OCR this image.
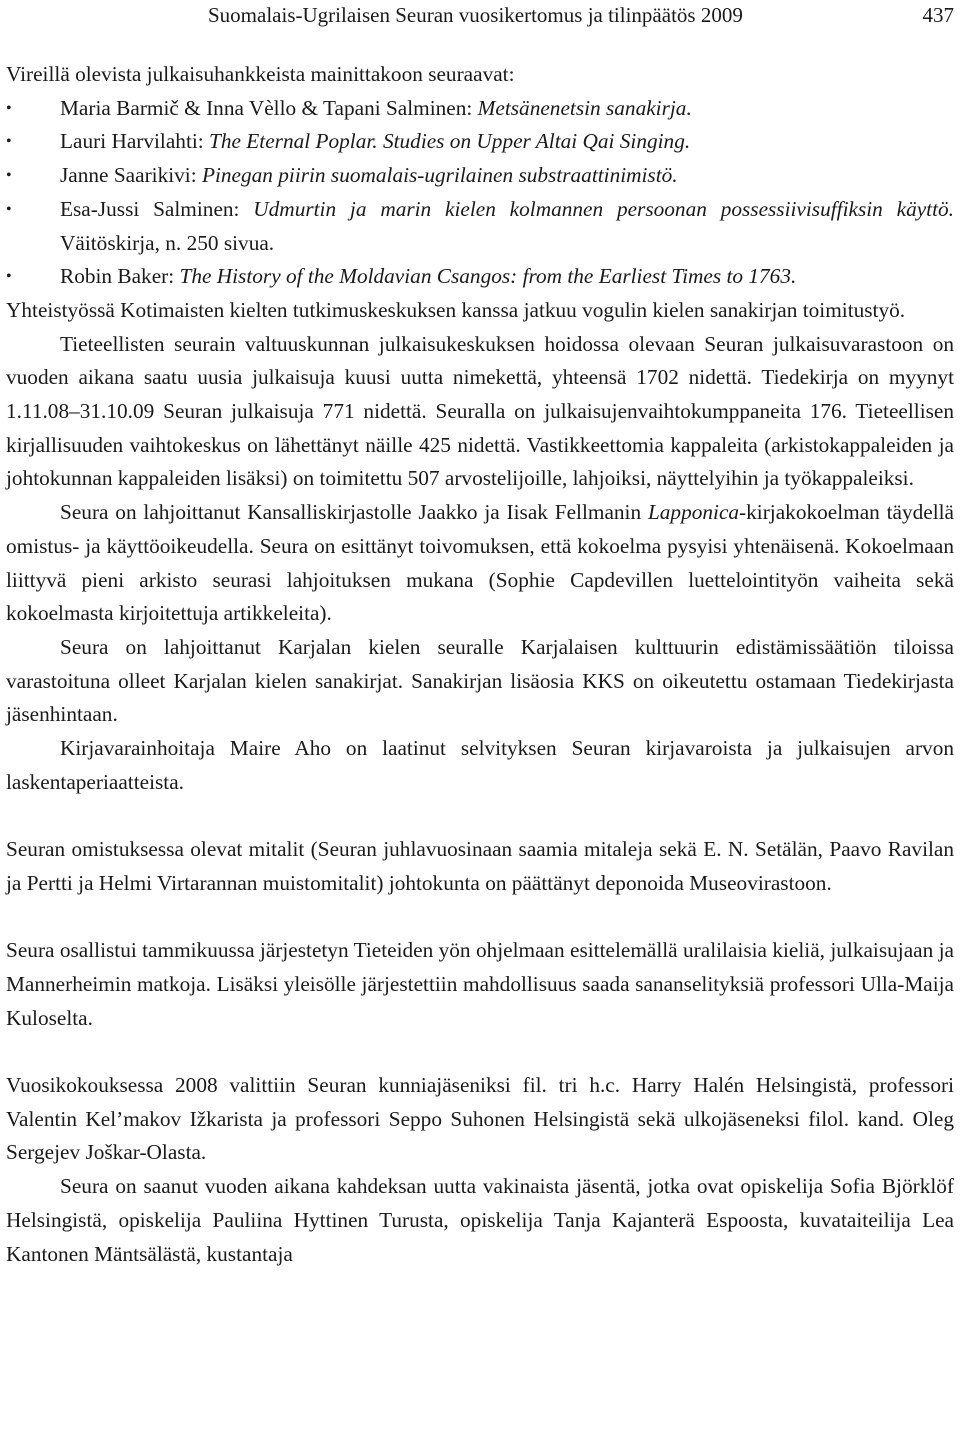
Suomalais-Ugrilaisen Seuran vuosikertomus ja tilinpäätös 2009	437

Vireillä olevista julkaisuhankkeista mainittakoon seuraavat:

• Maria Barmič & Inna Vèllo & Tapani Salminen: Metsänenetsin sanakirja.
• Lauri Harvilahti: The Eternal Poplar. Studies on Upper Altai Qai Singing.
• Janne Saarikivi: Pinegan piirin suomalais-ugrilainen substraattinimistö.
• Esa-Jussi Salminen: Udmurtin ja marin kielen kolmannen persoonan possessiivisuffiksin käyttö. Väitöskirja, n. 250 sivua.
• Robin Baker: The History of the Moldavian Csangos: from the Earliest Times to 1763.

Yhteistyössä Kotimaisten kielten tutkimuskeskuksen kanssa jatkuu vogulin kielen sanakirjan toimitustyö.

Tieteellisten seurain valtuuskunnan julkaisukeskuksen hoidossa olevaan Seuran julkaisuvarastoon on vuoden aikana saatu uusia julkaisuja kuusi uutta nimekettä, yhteensä 1702 nidettä. Tiedekirja on myynyt 1.11.08–31.10.09 Seuran julkaisuja 771 nidettä. Seuralla on julkaisujenvaihtokumppaneita 176. Tieteellisen kirjallisuuden vaihtokeskus on lähettänyt näille 425 nidettä. Vastikkeettomia kappaleita (arkistokappaleiden ja johtokunnan kappaleiden lisäksi) on toimitettu 507 arvostelijoille, lahjoiksi, näyttelyihin ja työkappaleiksi.

Seura on lahjoittanut Kansalliskirjastolle Jaakko ja Iisak Fellmanin Lapponica-kirjakokoelman täydellä omistus- ja käyttöoikeudella. Seura on esittänyt toivomuksen, että kokoelma pysyisi yhtenäisenä. Kokoelmaan liittyvä pieni arkisto seurasi lahjoituksen mukana (Sophie Capdevillen luettelointityön vaiheita sekä kokoelmasta kirjoitettuja artikkeleita).

Seura on lahjoittanut Karjalan kielen seuralle Karjalaisen kulttuurin edistämissäätiön tiloissa varastoituna olleet Karjalan kielen sanakirjat. Sanakirjan lisäosia KKS on oikeutettu ostamaan Tiedekirjasta jäsenhintaan.

Kirjavarainhoitaja Maire Aho on laatinut selvityksen Seuran kirjavaroista ja julkaisujen arvon laskentaperiaatteista.

Seuran omistuksessa olevat mitalit (Seuran juhlavuosinaan saamia mitaleja sekä E. N. Setälän, Paavo Ravilan ja Pertti ja Helmi Virtarannan muistomitalit) johtokunta on päättänyt deponoida Museovirastoon.

Seura osallistui tammikuussa järjestetyn Tieteiden yön ohjelmaan esittelemällä uralilaisia kieliä, julkaisujaan ja Mannerheimin matkoja. Lisäksi yleisölle järjestettiin mahdollisuus saada sananselityksiä professori Ulla-Maija Kuloselta.

Vuosikokouksessa 2008 valittiin Seuran kunniajäseniksi fil. tri h.c. Harry Halén Helsingistä, professori Valentin Kel’makov Ižkarista ja professori Seppo Suhonen Helsingistä sekä ulkojäseneksi filol. kand. Oleg Sergejev Joškar-Olasta.

Seura on saanut vuoden aikana kahdeksan uutta vakinaista jäsentä, jotka ovat opiskelija Sofia Björklöf Helsingistä, opiskelija Pauliina Hyttinen Turusta, opiskelija Tanja Kajanterä Espoosta, kuvataiteilija Lea Kantonen Mäntsälästä, kustantaja
